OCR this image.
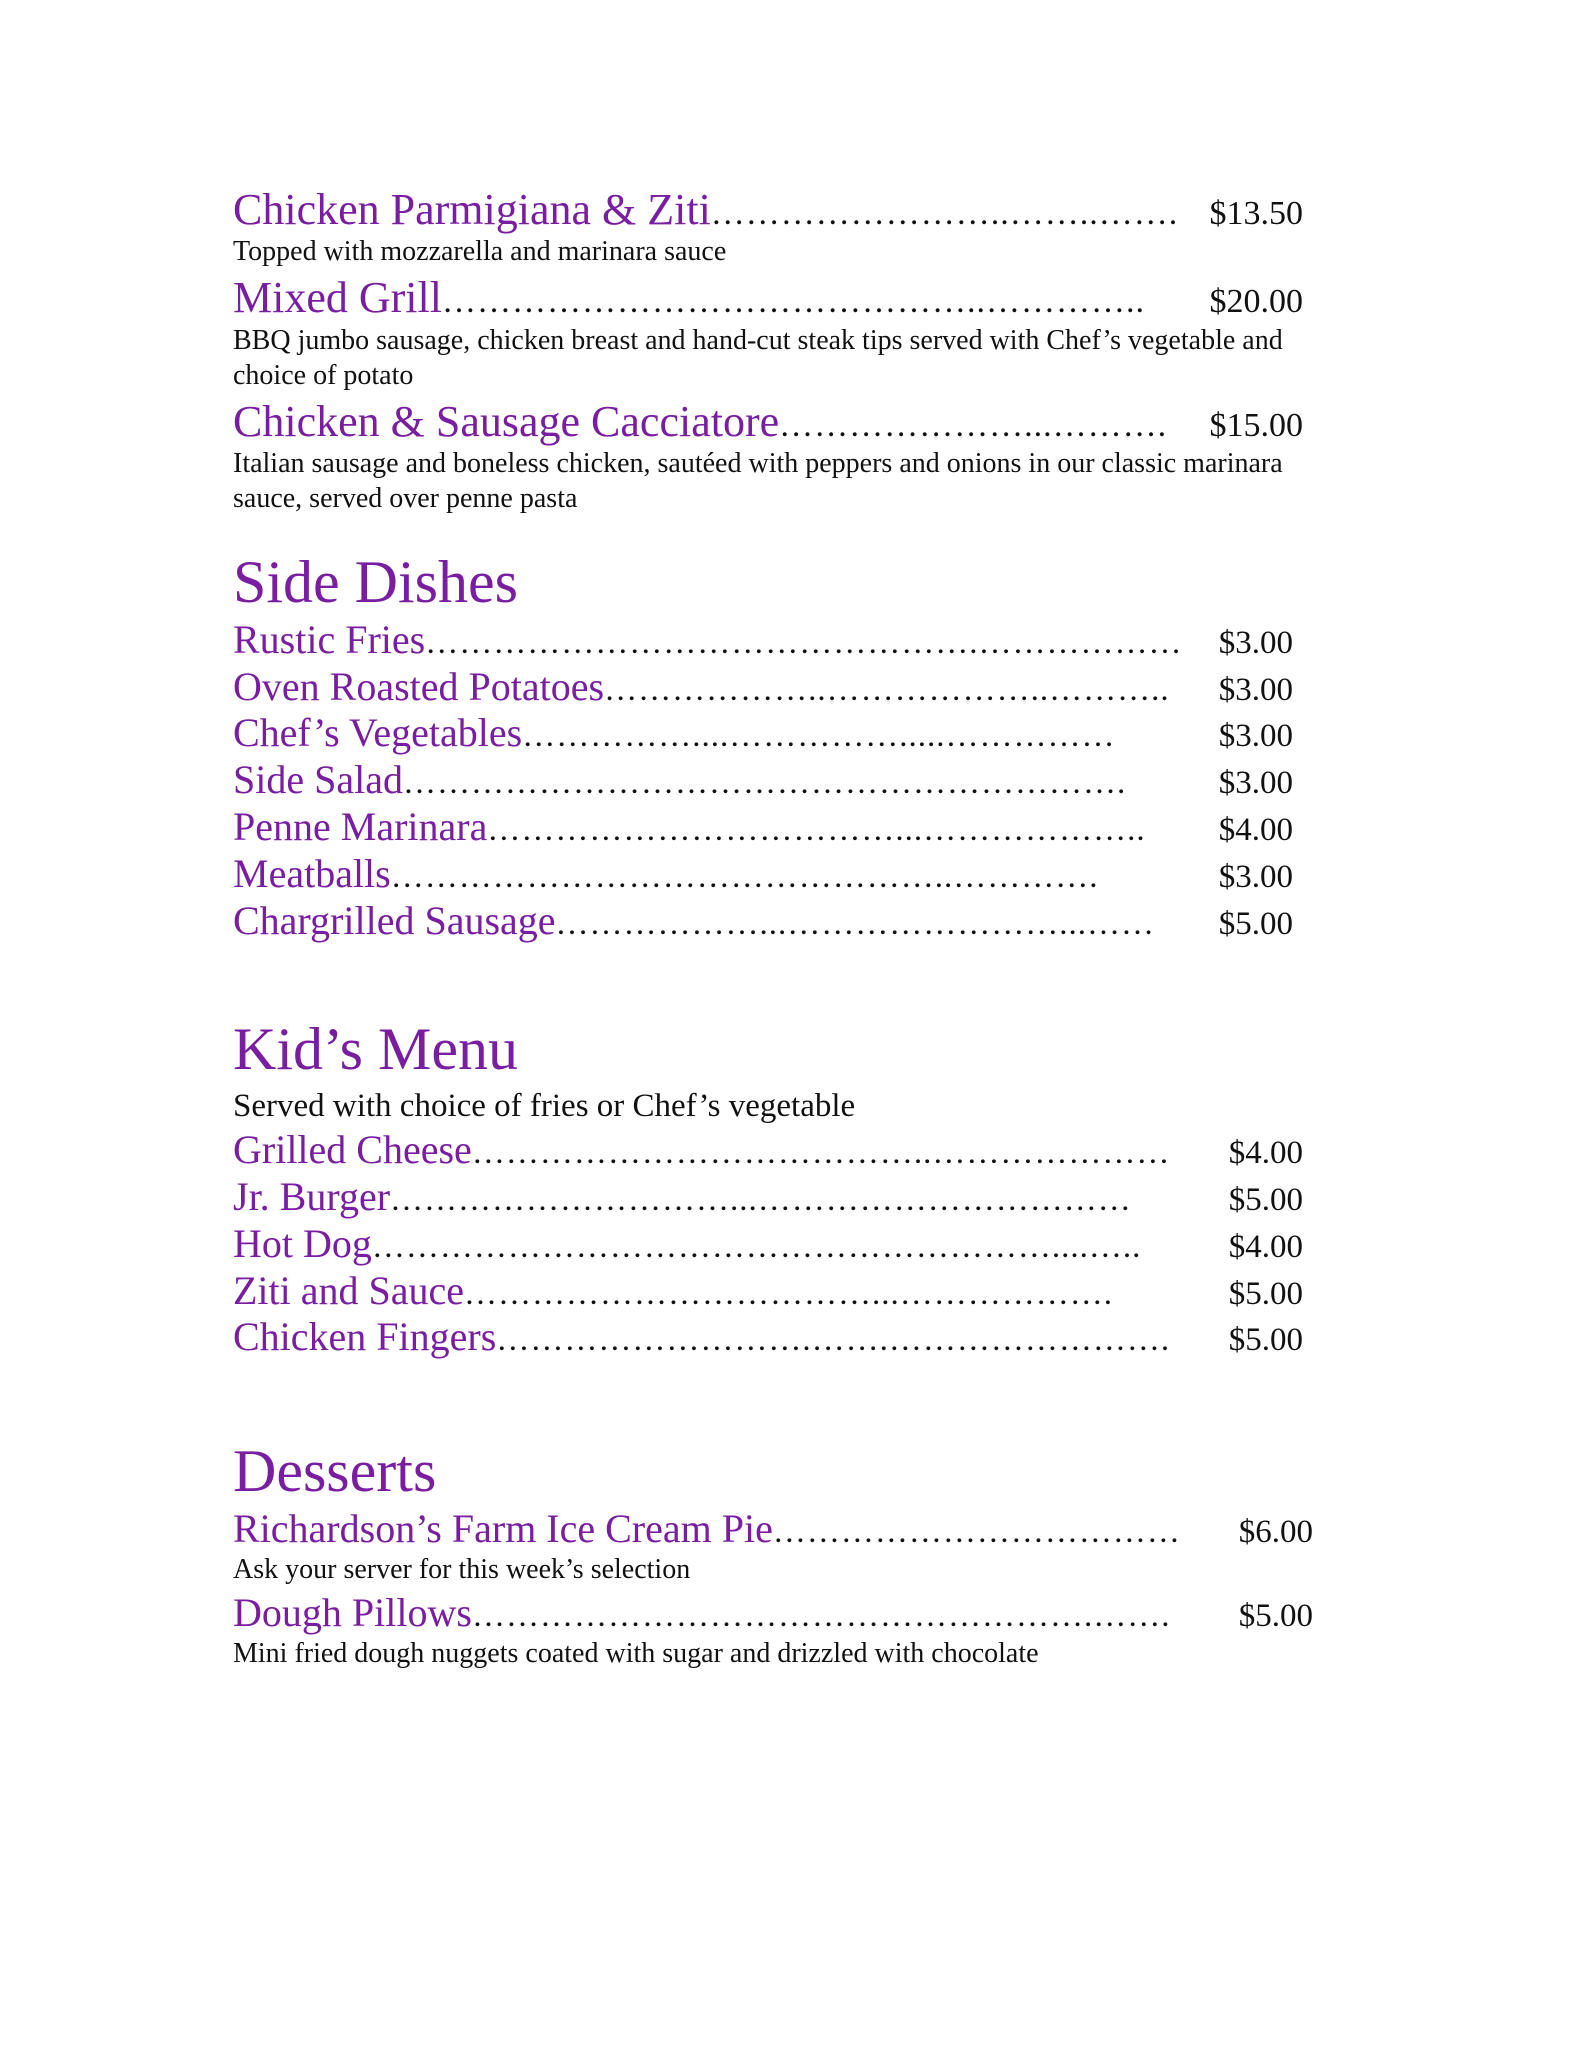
Chicken Parmigiana & Ziti ……………………..……..……. $13.50
Topped with mozzarella and marinara sauce
Mixed Grill ………………………………………..…………..	$20.00
BBQ jumbo sausage, chicken breast and hand-cut steak tips served with Chef’s vegetable and choice of potato
Chicken & Sausage Cacciatore …………………...……….	$15.00
Italian sausage and boneless chicken, sautéed with peppers and onions in our classic marinara sauce, served over penne pasta
Side Dishes
Rustic Fries ………………………………………….………………	$3.00
Oven Roasted Potatoes ………………..………………..………..	$3.00
Chef’s Vegetables ……………....…………….....……………	$3.00
Side Salad ……………………………………………………….	$3.00
Penne Marinara ………………………………...………………..	$4.00
Meatballs …………………………………………..………….	$3.00
Chargrilled Sausage ………………...……………………...……	$5.00
Kid’s Menu
Served with choice of fries or Chef’s vegetable
Grilled Cheese …………………………………..…………………	$4.00
Jr. Burger …………………………...……………………………	$5.00
Hot Dog ……………………………………………………....…..	$4.00
Ziti and Sauce ………………………………...……………….	$5.00
Chicken Fingers ……………………….…….…………………….	$5.00
Desserts
Richardson’s Farm Ice Cream Pie ………………………………	$6.00
Ask your server for this week’s selection
Dough Pillows ……………………………………………….…….	$5.00
Mini fried dough nuggets coated with sugar and drizzled with chocolate
